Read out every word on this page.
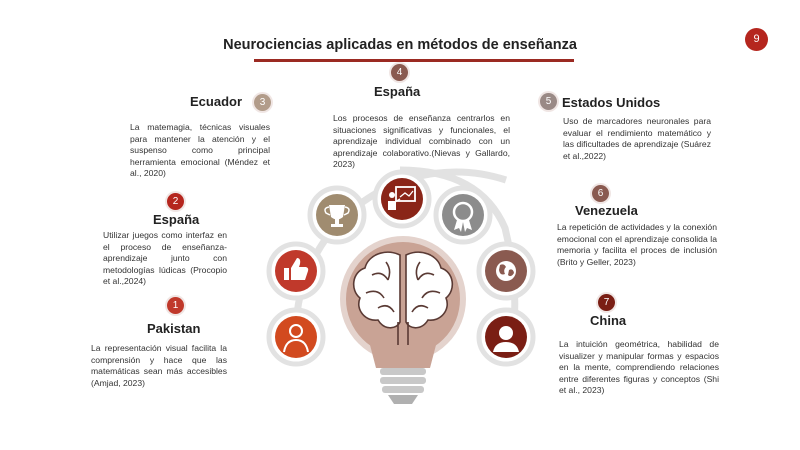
Neurociencias aplicadas en métodos de enseñanza	9
1
2
3
4
5
6
7
Pakistan
España
Ecuador
España
Estados Unidos
Venezuela
China
La representación visual facilita la comprensión y hace que las matemáticas sean más accesibles (Amjad, 2023)
Utilizar juegos como interfaz en el proceso de enseñanza-aprendizaje junto con metodologías lúdicas (Procopio et al.,2024)
La matemagia, técnicas visuales para mantener la atención y el suspenso como principal herramienta emocional (Méndez et al., 2020)
Los procesos de enseñanza centrarlos en situaciones significativas y funcionales, el aprendizaje individual combinado con un aprendizaje colaborativo.(Nievas y Gallardo, 2023)
Uso de marcadores neuronales para evaluar el rendimiento matemático y las dificultades de aprendizaje (Suárez et al.,2022)
La repetición de actividades y la conexión emocional con el aprendizaje consolida la memoria y facilita el proces de inclusión (Brito y Geller, 2023)
La intuición geométrica, habilidad de visualizer y manipular formas y espacios en la mente, comprendiendo relaciones entre diferentes figuras y conceptos (Shi et al., 2023)
